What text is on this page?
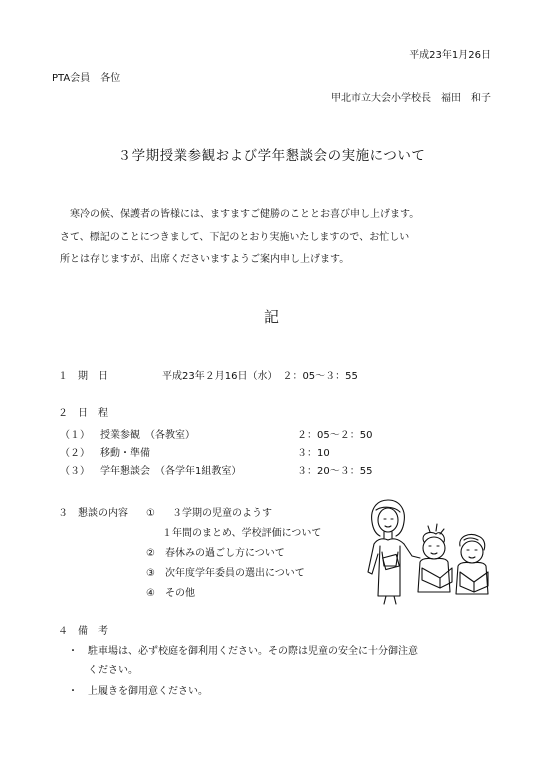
平成23年1月26日
PTA会員　各位
甲北市立大会小学校長　福田　和子
３学期授業参観および学年懇談会の実施について
寒冷の候、保護者の皆様には、ますますご健勝のこととお喜び申し上げます。
さて、標記のことにつきまして、下記のとおり実施いたしますので、お忙しい
所とは存じますが、出席くださいますようご案内申し上げます。
記
１ 期　日	平成23年２月16日（水）　２：05～３：55
２ 日　程
（１） 授業参観　（各教室）	２：05～２：50
（２） 移動・準備	３：10
（３） 学年懇談会　（各学年1組教室）	３：20～３：55
３ 懇談の内容 ① ３学期の児童のようす
１年間のまとめ、学校評価について
② 春休みの過ごし方について
③ 次年度学年委員の選出について
④ その他
４ 備　考
・ 駐車場は、必ず校庭を御利用ください。その際は児童の安全に十分御注意
ください。
・ 上履きを御用意ください。
